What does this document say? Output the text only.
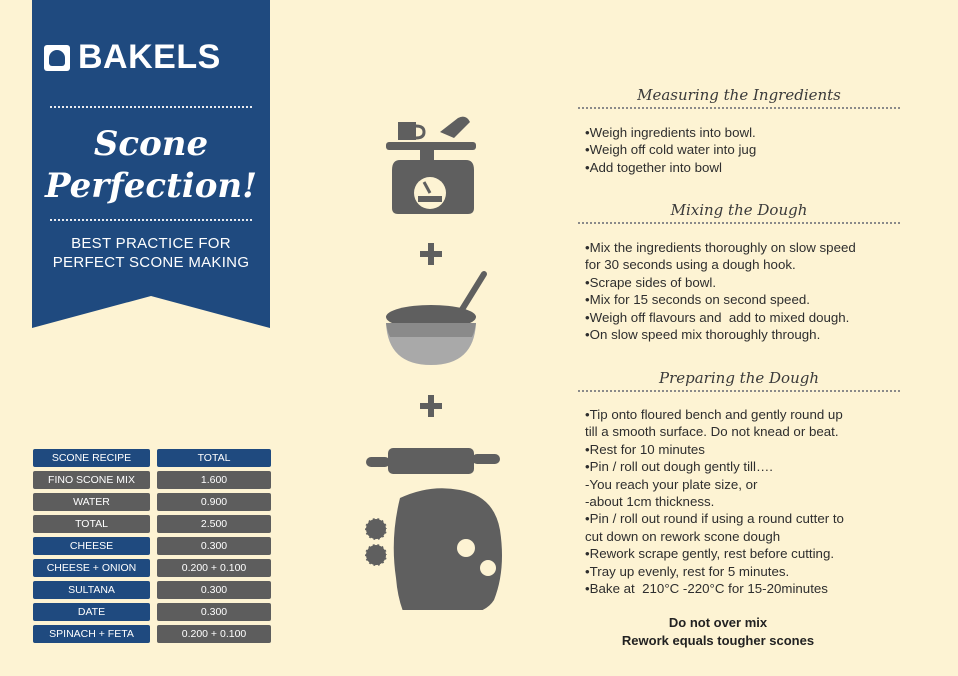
BAKELS
Scone
Perfection!
BEST PRACTICE FOR
PERFECT SCONE MAKING
SCONE RECIPE	TOTAL
FINO SCONE MIX	1.600
WATER	0.900
TOTAL	2.500
CHEESE	0.300
CHEESE + ONION	0.200 + 0.100
SULTANA	0.300
DATE	0.300
SPINACH + FETA	0.200 + 0.100
Measuring the Ingredients
•Weigh ingredients into bowl.
•Weigh off cold water into jug
•Add together into bowl
Mixing the Dough
•Mix the ingredients thoroughly on slow speed
for 30 seconds using a dough hook.
•Scrape sides of bowl.
•Mix for 15 seconds on second speed.
•Weigh off flavours and  add to mixed dough.
•On slow speed mix thoroughly through.
Preparing the Dough
•Tip onto floured bench and gently round up
till a smooth surface. Do not knead or beat.
•Rest for 10 minutes
•Pin / roll out dough gently till….
-You reach your plate size, or
-about 1cm thickness.
•Pin / roll out round if using a round cutter to
cut down on rework scone dough
•Rework scrape gently, rest before cutting.
•Tray up evenly, rest for 5 minutes.
•Bake at  210°C -220°C for 15-20minutes
Do not over mix
Rework equals tougher scones
